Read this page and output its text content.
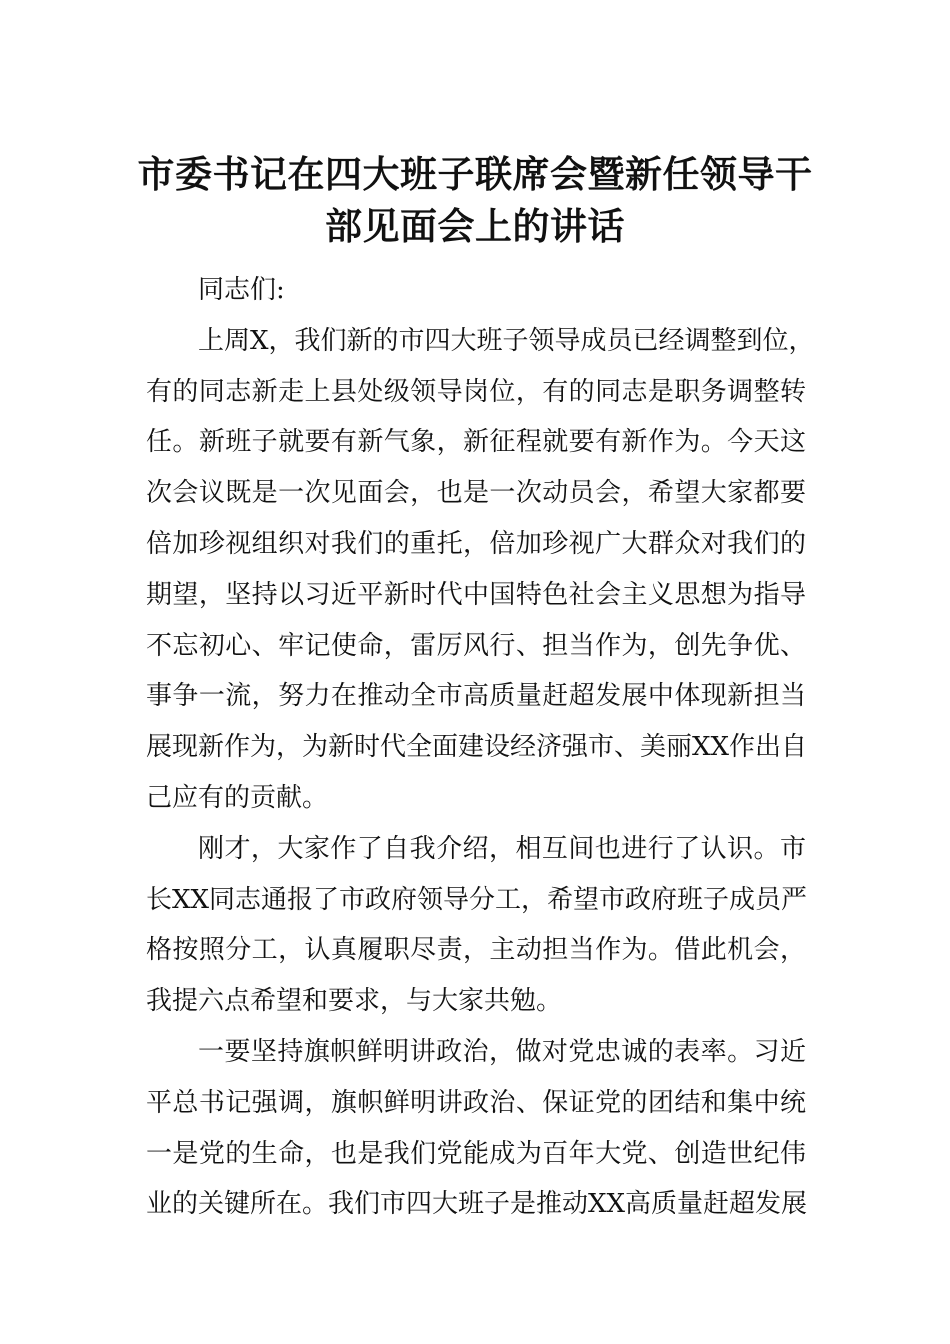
市委书记在四大班子联席会暨新任领导干
部见面会上的讲话
同志们:
上周X，我们新的市四大班子领导成员已经调整到位，
有的同志新走上县处级领导岗位，有的同志是职务调整转
任。新班子就要有新气象，新征程就要有新作为。今天这
次会议既是一次见面会，也是一次动员会，希望大家都要
倍加珍视组织对我们的重托，倍加珍视广大群众对我们的
期望，坚持以习近平新时代中国特色社会主义思想为指导
不忘初心、牢记使命，雷厉风行、担当作为，创先争优、
事争一流，努力在推动全市高质量赶超发展中体现新担当
展现新作为，为新时代全面建设经济强市、美丽XX作出自
己应有的贡献。
刚才，大家作了自我介绍，相互间也进行了认识。市
长XX同志通报了市政府领导分工，希望市政府班子成员严
格按照分工，认真履职尽责，主动担当作为。借此机会，
我提六点希望和要求，与大家共勉。
一要坚持旗帜鲜明讲政治，做对党忠诚的表率。习近
平总书记强调，旗帜鲜明讲政治、保证党的团结和集中统
一是党的生命，也是我们党能成为百年大党、创造世纪伟
业的关键所在。我们市四大班子是推动XX高质量赶超发展
